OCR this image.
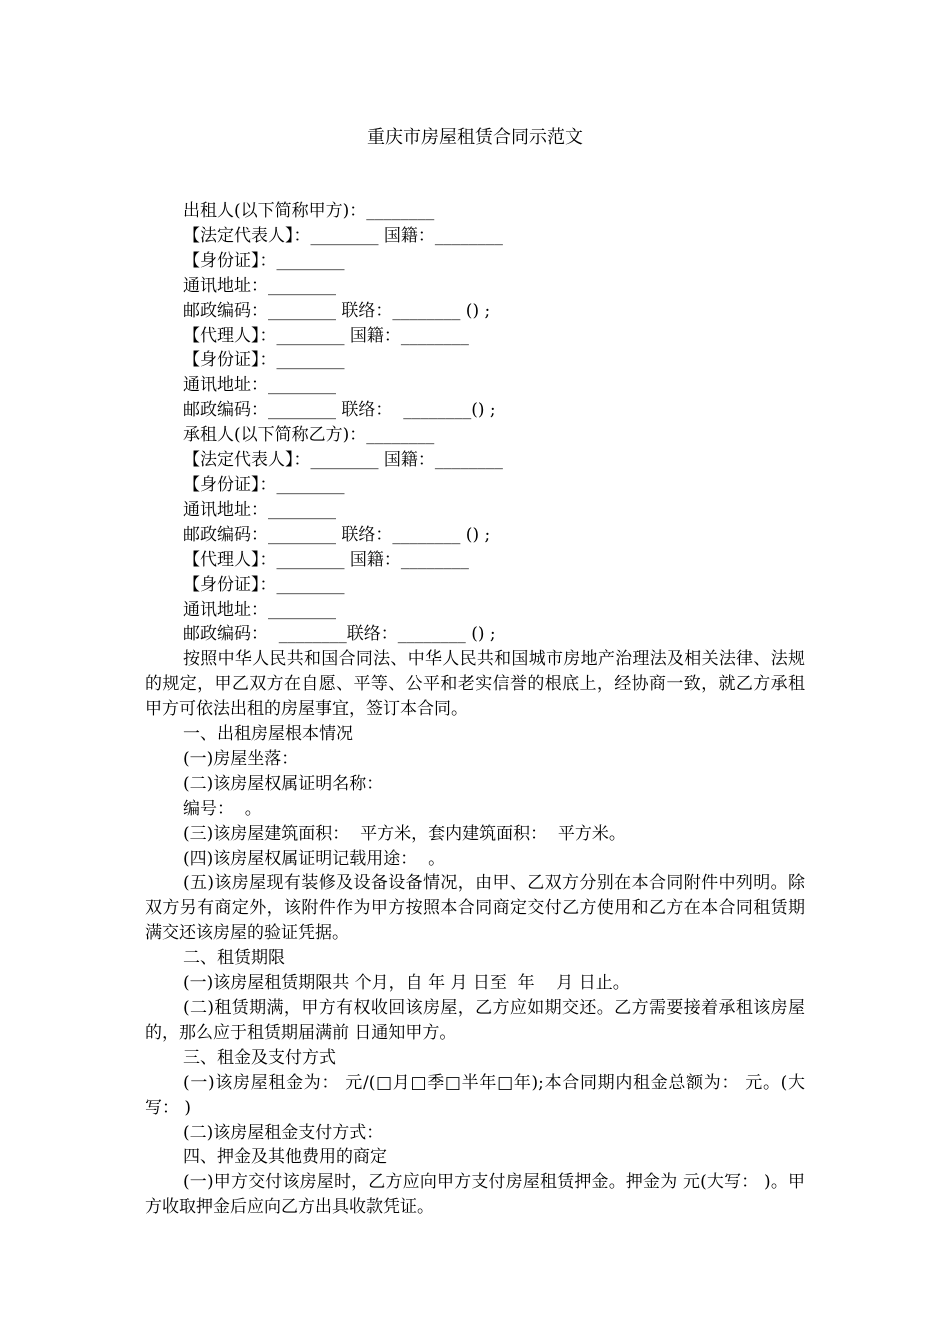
重庆市房屋租赁合同示范文

出租人(以下简称甲方)：________

【法定代表人】：________ 国籍：________

【身份证】：________

通讯地址：________

邮政编码：________ 联络：________ () ;

【代理人】：________ 国籍：________

【身份证】：________

通讯地址：________

邮政编码：________ 联络：  ________() ;

承租人(以下简称乙方)：________

【法定代表人】：________ 国籍：________

【身份证】：________

通讯地址：________

邮政编码：________ 联络：________ () ;

【代理人】：________ 国籍：________

【身份证】：________

通讯地址：________

邮政编码：  ________联络：________ () ;

按照中华人民共和国合同法、中华人民共和国城市房地产治理法及相关法律、法规的规定，甲乙双方在自愿、平等、公平和老实信誉的根底上，经协商一致，就乙方承租甲方可依法出租的房屋事宜，签订本合同。

一、出租房屋根本情况

(一)房屋坐落：

(二)该房屋权属证明名称：

编号：  。

(三)该房屋建筑面积：  平方米，套内建筑面积：  平方米。

(四)该房屋权属证明记载用途：  。

(五)该房屋现有装修及设备设备情况，由甲、乙双方分别在本合同附件中列明。除双方另有商定外，该附件作为甲方按照本合同商定交付乙方使用和乙方在本合同租赁期满交还该房屋的验证凭据。

二、租赁期限

(一)该房屋租赁期限共 个月，自 年 月 日至  年    月 日止。

(二)租赁期满，甲方有权收回该房屋，乙方应如期交还。乙方需要接着承租该房屋的，那么应于租赁期届满前 日通知甲方。

三、租金及支付方式

(一)该房屋租金为： 元/(□月□季□半年□年);本合同期内租金总额为： 元。(大写： )

(二)该房屋租金支付方式：

四、押金及其他费用的商定

(一)甲方交付该房屋时，乙方应向甲方支付房屋租赁押金。押金为 元(大写： )。甲方收取押金后应向乙方出具收款凭证。
